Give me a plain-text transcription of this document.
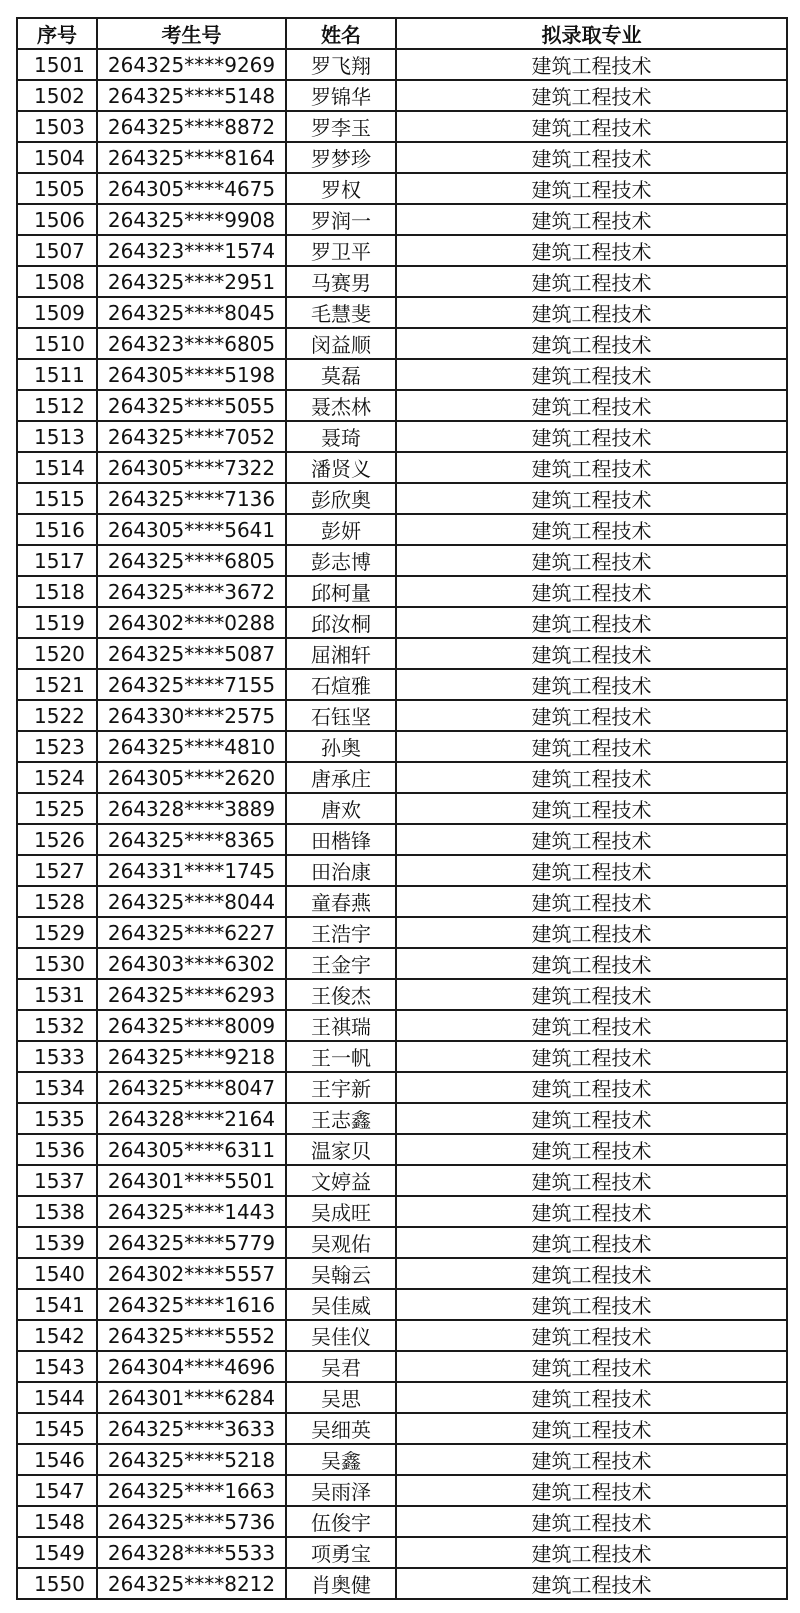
序号	考生号	姓名	拟录取专业
1501	264325****9269	罗飞翔	建筑工程技术
1502	264325****5148	罗锦华	建筑工程技术
1503	264325****8872	罗李玉	建筑工程技术
1504	264325****8164	罗梦珍	建筑工程技术
1505	264305****4675	罗权	建筑工程技术
1506	264325****9908	罗润一	建筑工程技术
1507	264323****1574	罗卫平	建筑工程技术
1508	264325****2951	马赛男	建筑工程技术
1509	264325****8045	毛慧斐	建筑工程技术
1510	264323****6805	闵益顺	建筑工程技术
1511	264305****5198	莫磊	建筑工程技术
1512	264325****5055	聂杰林	建筑工程技术
1513	264325****7052	聂琦	建筑工程技术
1514	264305****7322	潘贤义	建筑工程技术
1515	264325****7136	彭欣奥	建筑工程技术
1516	264305****5641	彭妍	建筑工程技术
1517	264325****6805	彭志博	建筑工程技术
1518	264325****3672	邱柯量	建筑工程技术
1519	264302****0288	邱汝桐	建筑工程技术
1520	264325****5087	屈湘轩	建筑工程技术
1521	264325****7155	石煊雅	建筑工程技术
1522	264330****2575	石钰坚	建筑工程技术
1523	264325****4810	孙奥	建筑工程技术
1524	264305****2620	唐承庄	建筑工程技术
1525	264328****3889	唐欢	建筑工程技术
1526	264325****8365	田楷锋	建筑工程技术
1527	264331****1745	田治康	建筑工程技术
1528	264325****8044	童春燕	建筑工程技术
1529	264325****6227	王浩宇	建筑工程技术
1530	264303****6302	王金宇	建筑工程技术
1531	264325****6293	王俊杰	建筑工程技术
1532	264325****8009	王祺瑞	建筑工程技术
1533	264325****9218	王一帆	建筑工程技术
1534	264325****8047	王宇新	建筑工程技术
1535	264328****2164	王志鑫	建筑工程技术
1536	264305****6311	温家贝	建筑工程技术
1537	264301****5501	文婷益	建筑工程技术
1538	264325****1443	吴成旺	建筑工程技术
1539	264325****5779	吴观佑	建筑工程技术
1540	264302****5557	吴翰云	建筑工程技术
1541	264325****1616	吴佳威	建筑工程技术
1542	264325****5552	吴佳仪	建筑工程技术
1543	264304****4696	吴君	建筑工程技术
1544	264301****6284	吴思	建筑工程技术
1545	264325****3633	吴细英	建筑工程技术
1546	264325****5218	吴鑫	建筑工程技术
1547	264325****1663	吴雨泽	建筑工程技术
1548	264325****5736	伍俊宇	建筑工程技术
1549	264328****5533	项勇宝	建筑工程技术
1550	264325****8212	肖奥健	建筑工程技术
